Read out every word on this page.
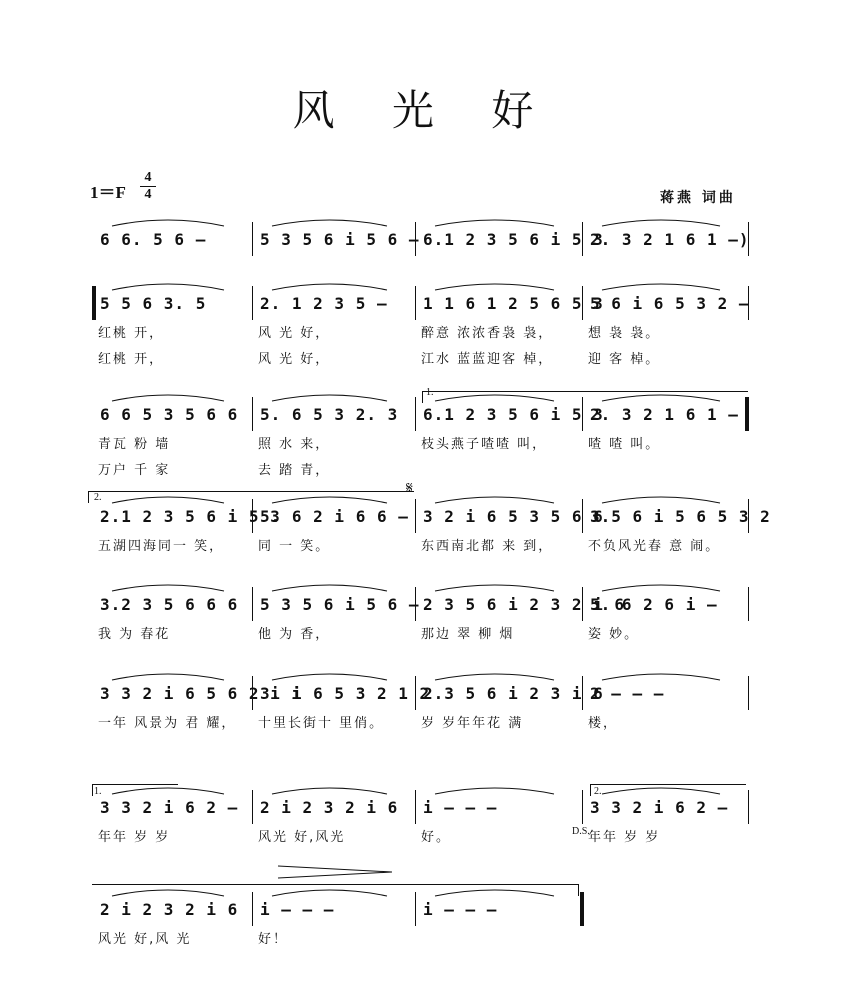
风 光 好
1＝F
4
4	蒋燕 词曲
1.
2.
𝄋
1.	2.
D.S.
6 6. 5 6 –	5 3 5 6 i 5 6 – 6.1 2 3 5 6 i 5 3
2. 3 2 1 6 1 –)
5 5 6 3. 5	2. 1 2 3 5 –	1 1 6 1 2 5 6 5 3
5 6 i 6 5 3 2 –
红桃 开，	风 光 好，	醉意 浓浓香袅 袅，	想 袅 袅。
红桃 开，	风 光 好，	江水 蓝蓝迎客 棹，	迎 客 棹。
6 6 5 3 5 6 6	5. 6 5 3 2. 3	6.1 2 3 5 6 i 5 3
2. 3 2 1 6 1 –
青瓦 粉 墙	照 水 来，	枝头燕子喳喳 叫，	喳 喳 叫。
万户 千 家	去 踏 青，
2.1 2 3 5 6 i 5 3
5. 6 2 i 6 6 – 3 2 i 6 5 3 5 6 6
3.5 6 i 5 6 5 3 2
五湖四海同一 笑，	同 一 笑。	东西南北都 来 到，	不负风光春 意 闹。
3.2 3 5 6 6 6	5 3 5 6 i 5 6 – 2 3 5 6 i 2 3 2 i 6
5. 6 2 6 i –
我 为 春花	他 为 香，	那边 翠 柳 烟	姿 妙。
3 3 2 i 6 5 6 2 i i
3. i 6 5 3 2 1 2
2.3 5 6 i 2 3 i 6
2 – – –
一年 风景为 君 耀，	十里长街十 里俏。	岁 岁年年花 满	楼，
3 3 2 i 6 2 –	2 i 2 3 2 i 6	i – – –	3 3 2 i 6 2 –
年年 岁 岁	风光 好,风光	好。	年年 岁 岁
2 i 2 3 2 i 6	i – – –	i – – –
风光 好,风 光	好！
